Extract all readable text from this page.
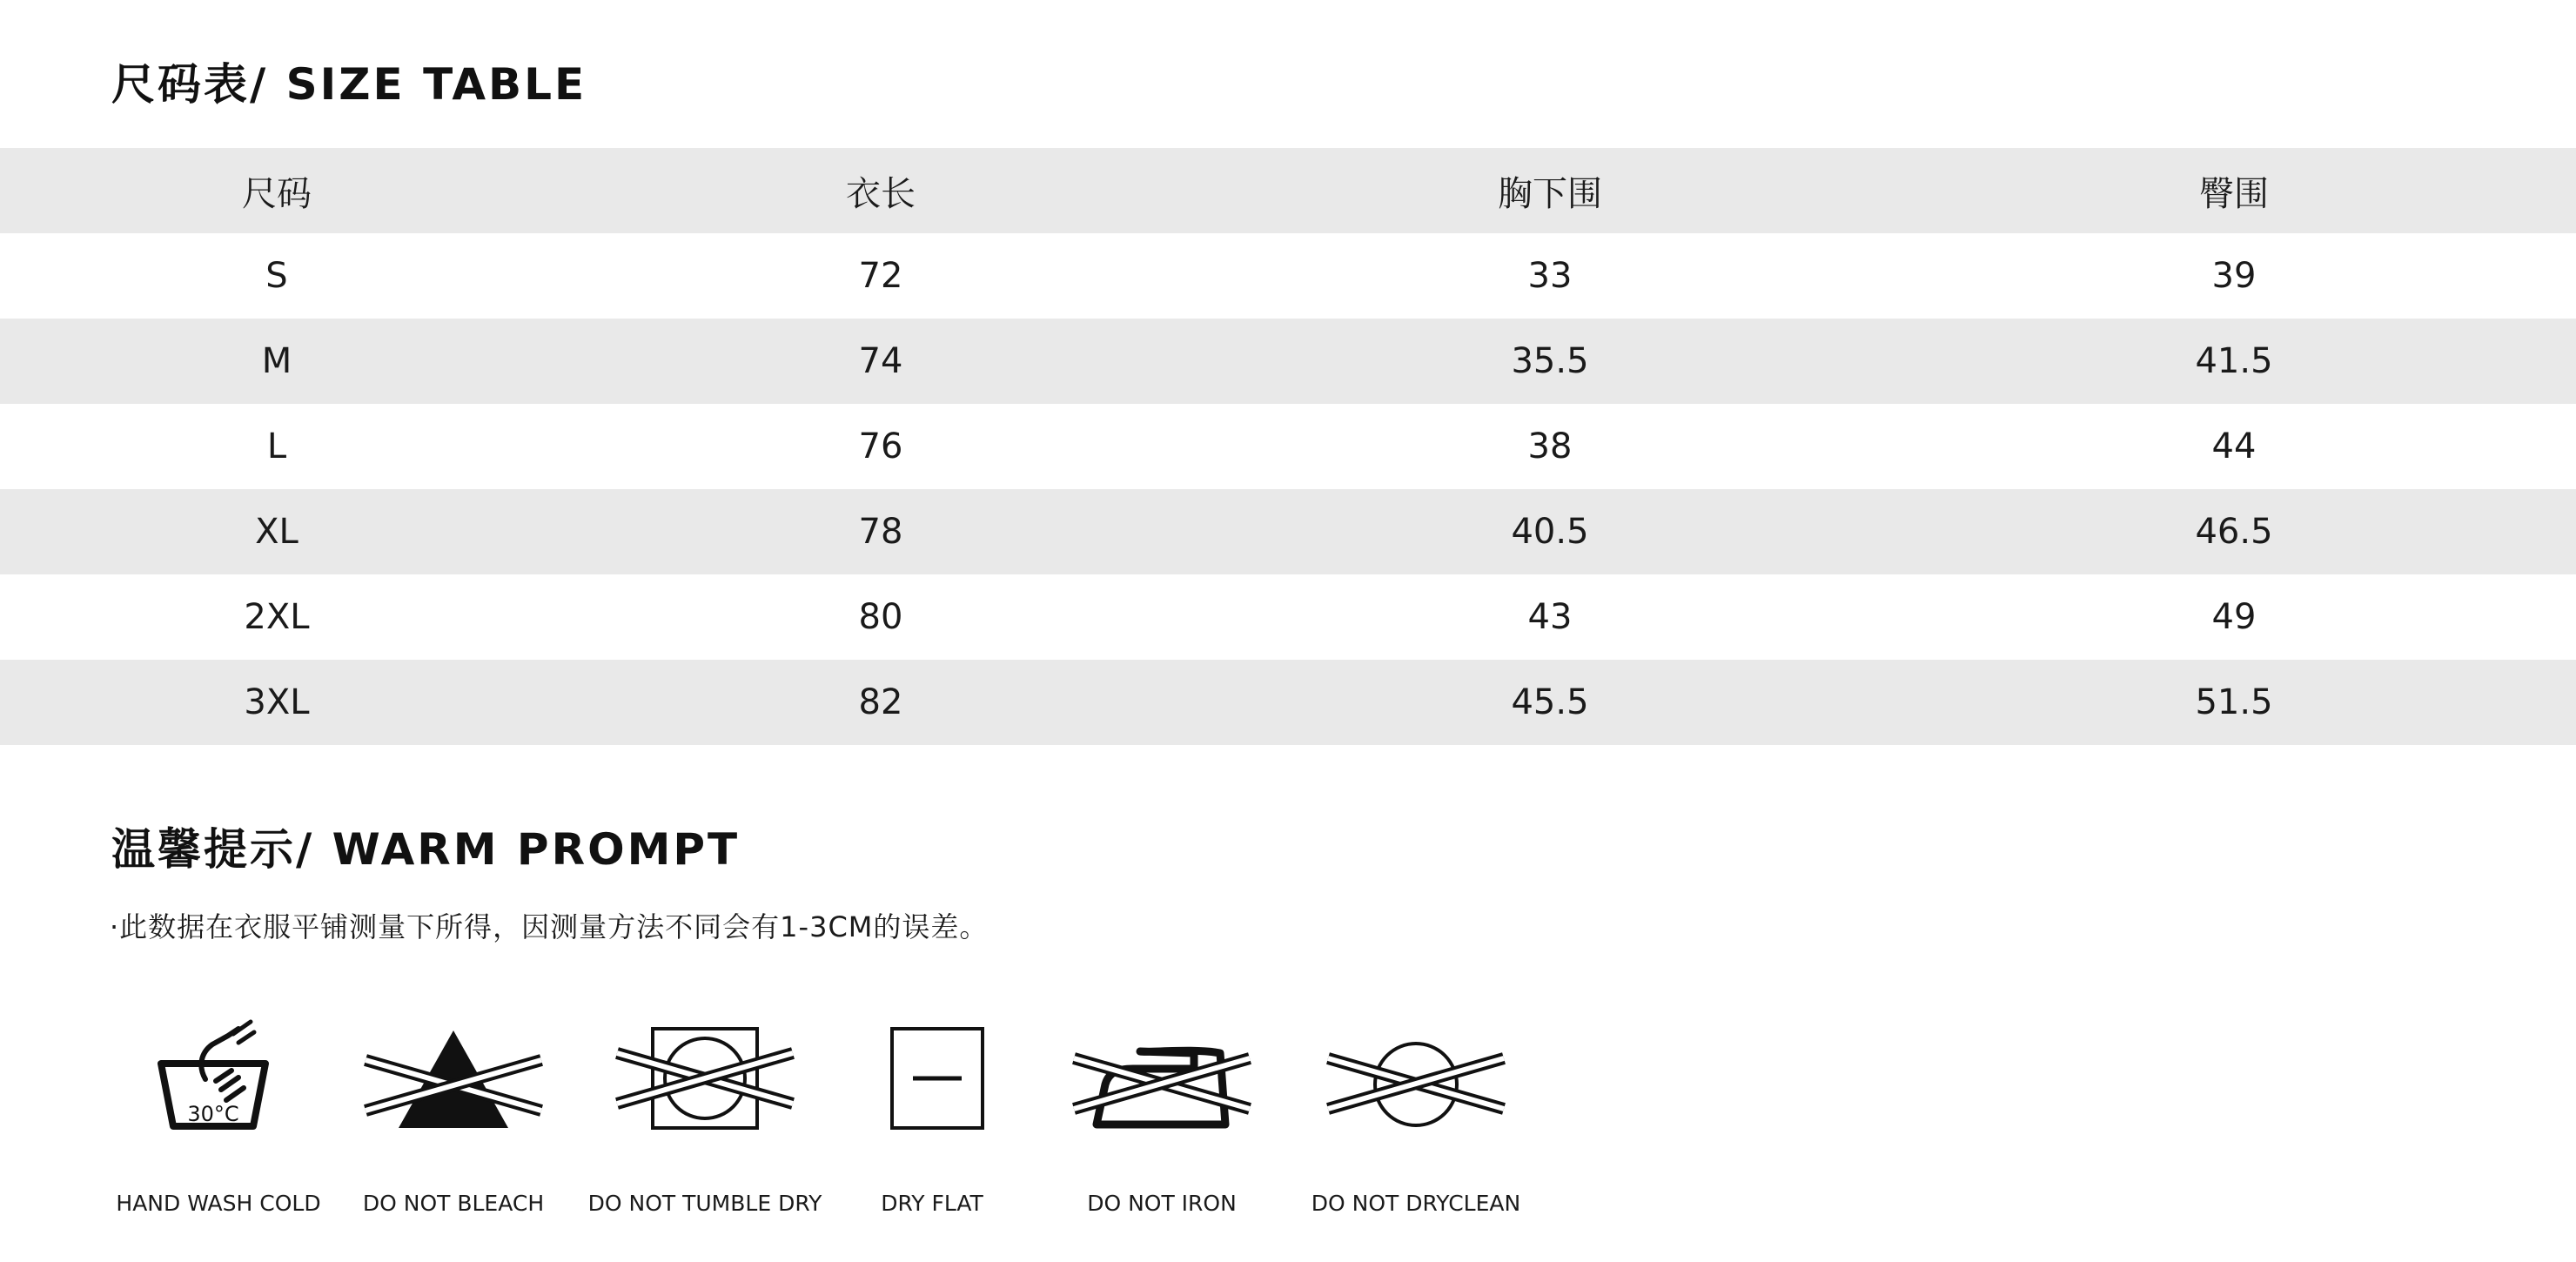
尺码表/ SIZE TABLE
尺码	衣长	胸下围	臀围
S	72	33	39
M	74	35.5	41.5
L	76	38	44
XL	78	40.5	46.5
2XL	80	43	49
3XL	82	45.5	51.5
温馨提示/ WARM PROMPT

·此数据在衣服平铺测量下所得，因测量方法不同会有1-3CM的误差。

30°C

HAND WASH COLD DO NOT BLEACH DO NOT TUMBLE DRY	DRY FLAT	DO NOT IRON	DO NOT DRYCLEAN
